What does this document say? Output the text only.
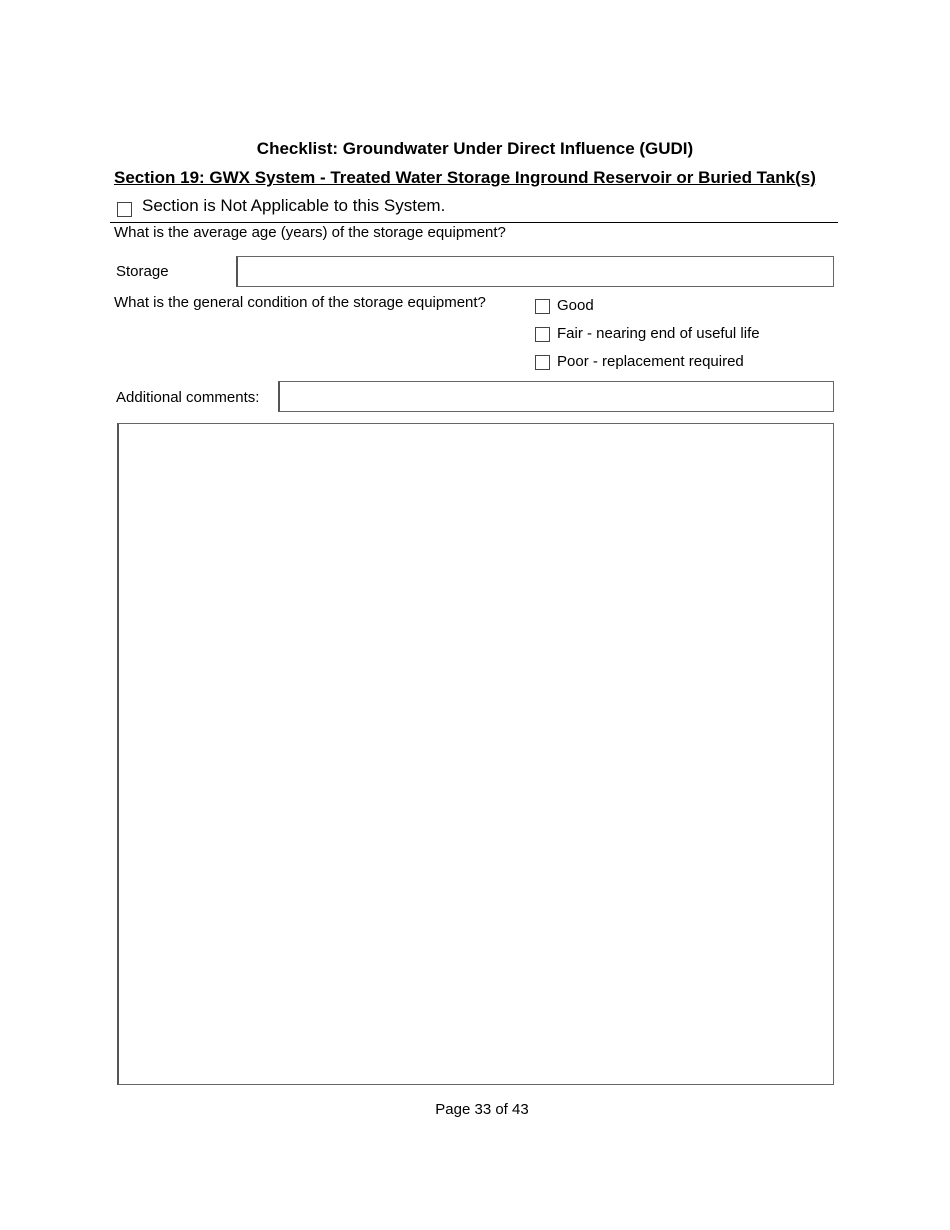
Checklist: Groundwater Under Direct Influence (GUDI)
Section 19: GWX System - Treated Water Storage Inground Reservoir or Buried Tank(s)
Section is Not Applicable to this System.
What is the average age (years) of the storage equipment?
Storage
What is the general condition of the storage equipment?	Good
Fair - nearing end of useful life
Poor - replacement required
Additional comments:
Page 33 of 43
